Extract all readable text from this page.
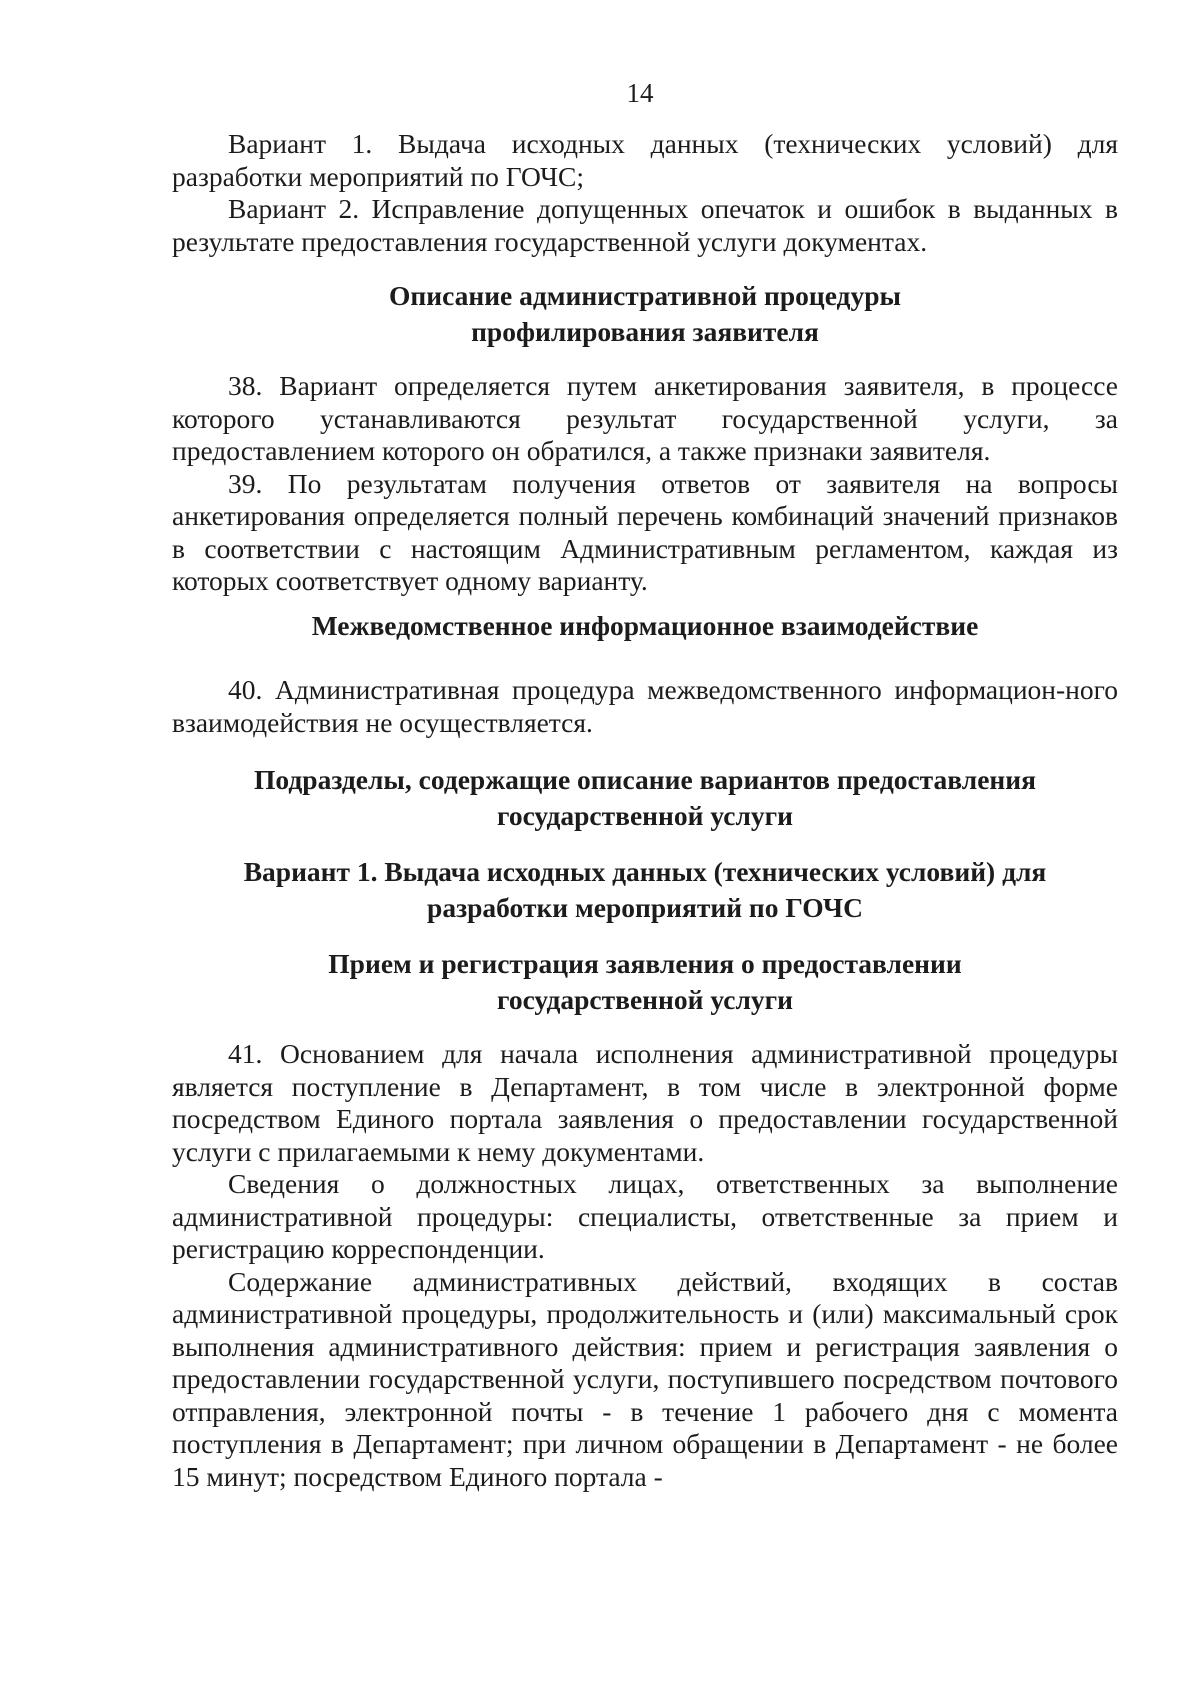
14

Вариант 1. Выдача исходных данных (технических условий) для разработки мероприятий по ГОЧС;

Вариант 2. Исправление допущенных опечаток и ошибок в выданных в результате предоставления государственной услуги документах.

Описание административной процедуры
профилирования заявителя

38. Вариант определяется путем анкетирования заявителя, в процессе которого устанавливаются результат государственной услуги, за предоставлением которого он обратился, а также признаки заявителя.

39. По результатам получения ответов от заявителя на вопросы анкетирования определяется полный перечень комбинаций значений признаков в соответствии с настоящим Административным регламентом, каждая из которых соответствует одному варианту.

Межведомственное информационное взаимодействие

40. Административная процедура межведомственного информацион-ного взаимодействия не осуществляется.

Подразделы, содержащие описание вариантов предоставления
государственной услуги
Вариант 1. Выдача исходных данных (технических условий) для
разработки мероприятий по ГОЧС
Прием и регистрация заявления о предоставлении
государственной услуги

41. Основанием для начала исполнения административной процедуры является поступление в Департамент, в том числе в электронной форме посредством Единого портала заявления о предоставлении государственной услуги с прилагаемыми к нему документами.

Сведения о должностных лицах, ответственных за выполнение административной процедуры: специалисты, ответственные за прием и регистрацию корреспонденции.

Содержание административных действий, входящих в состав административной процедуры, продолжительность и (или) максимальный срок выполнения административного действия: прием и регистрация заявления о предоставлении государственной услуги, поступившего посредством почтового отправления, электронной почты - в течение 1 рабочего дня с момента поступления в Департамент; при личном обращении в Департамент - не более 15 минут; посредством Единого портала -
